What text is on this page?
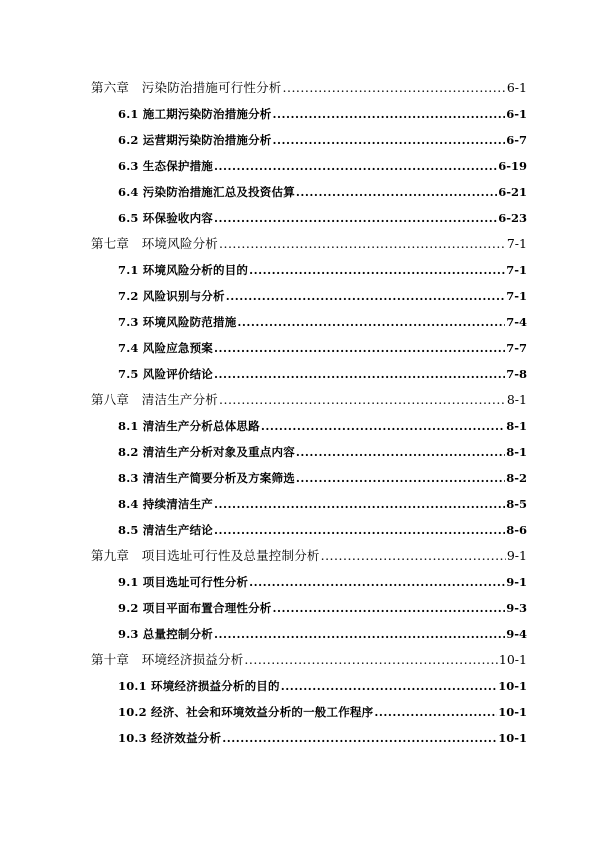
第六章　污染防治措施可行性分析 .....	6-1
6.1 施工期污染防治措施分析 .....	6-1
6.2 运营期污染防治措施分析 .....	6-7
6.3 生态保护措施 .....	6-19
6.4 污染防治措施汇总及投资估算 .....	6-21
6.5 环保验收内容 .....	6-23
第七章　环境风险分析 .....	7-1
7.1 环境风险分析的目的 .....	7-1
7.2 风险识别与分析 .....	7-1
7.3 环境风险防范措施 .....	7-4
7.4 风险应急预案 .....	7-7
7.5 风险评价结论 .....	7-8
第八章　清洁生产分析 .....	8-1
8.1 清洁生产分析总体思路 .....	8-1
8.2 清洁生产分析对象及重点内容 .....	8-1
8.3 清洁生产简要分析及方案筛选 .....	8-2
8.4 持续清洁生产 .....	8-5
8.5 清洁生产结论 .....	8-6
第九章　项目选址可行性及总量控制分析 .....	9-1
9.1 项目选址可行性分析 .....	9-1
9.2 项目平面布置合理性分析 .....	9-3
9.3 总量控制分析 .....	9-4
第十章　环境经济损益分析 .....	10-1
10.1 环境经济损益分析的目的 .....	10-1
10.2 经济、社会和环境效益分析的一般工作程序 .....	10-1
10.3 经济效益分析 .....	10-1
